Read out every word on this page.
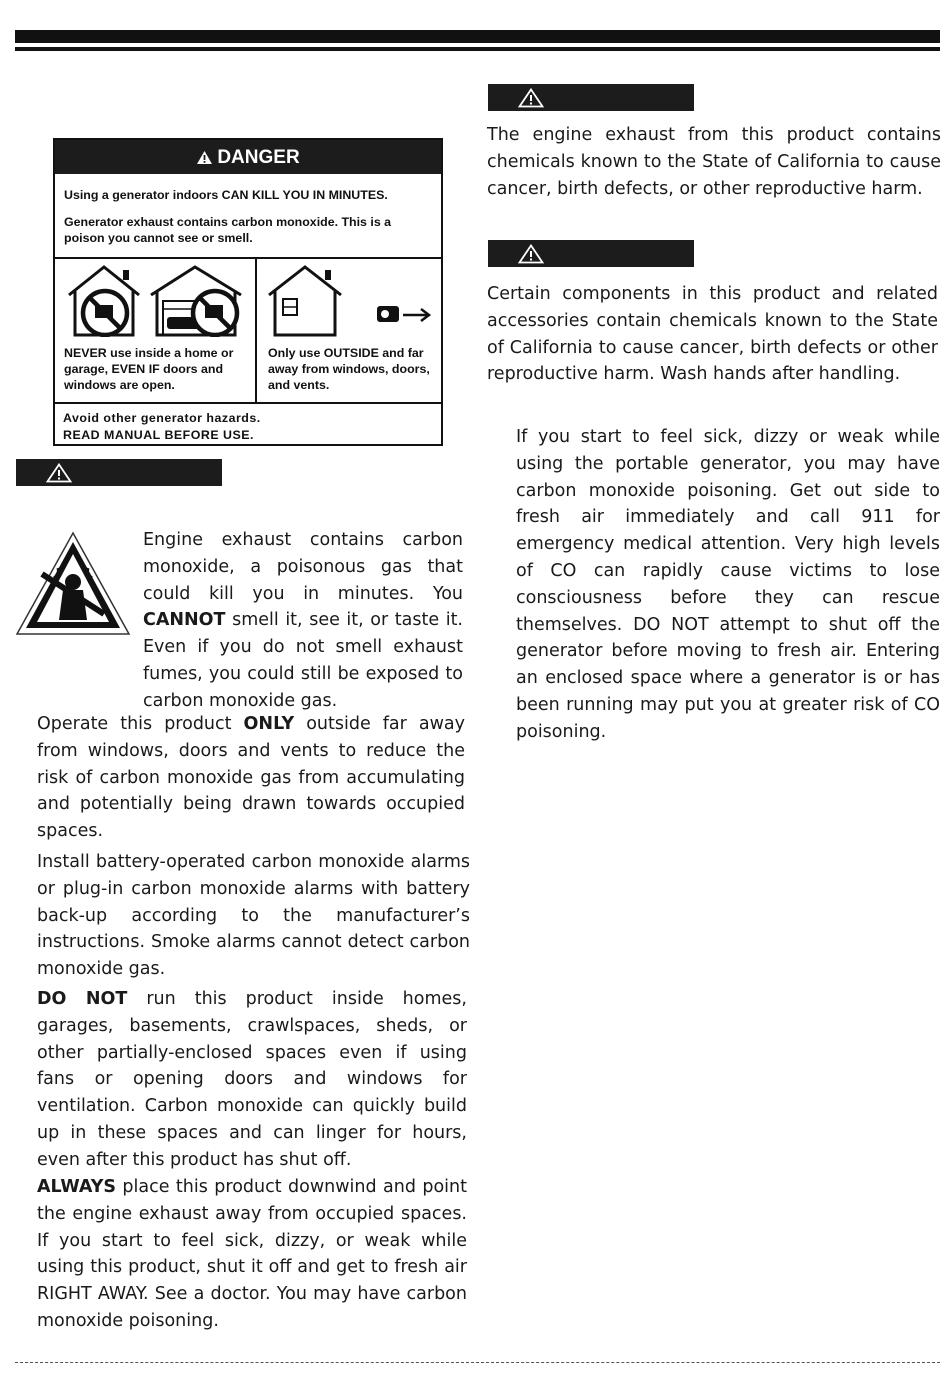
DANGER
Using a generator indoors CAN KILL YOU IN MINUTES.
Generator exhaust contains carbon monoxide. This is a poison you cannot see or smell.
NEVER use inside a home or garage, EVEN IF doors and windows are open.
Only use OUTSIDE and far away from windows, doors, and vents.
Avoid other generator hazards.
READ MANUAL BEFORE USE.

Engine exhaust contains carbon monoxide, a poisonous gas that could kill you in minutes. You CANNOT smell it, see it, or taste it. Even if you do not smell exhaust fumes, you could still be exposed to carbon monoxide gas.

Operate this product ONLY outside far away from windows, doors and vents to reduce the risk of carbon monoxide gas from accumulating and potentially being drawn towards occupied spaces.

Install battery-operated carbon monoxide alarms or plug-in carbon monoxide alarms with battery back-up according to the manufacturer’s instructions. Smoke alarms cannot detect carbon monoxide gas.

DO NOT run this product inside homes, garages, basements, crawlspaces, sheds, or other partially-enclosed spaces even if using fans or opening doors and windows for ventilation. Carbon monoxide can quickly build up in these spaces and can linger for hours, even after this product has shut off.

ALWAYS place this product downwind and point the engine exhaust away from occupied spaces. If you start to feel sick, dizzy, or weak while using this product, shut it off and get to fresh air RIGHT AWAY. See a doctor. You may have carbon monoxide poisoning.

The engine exhaust from this product contains chemicals known to the State of California to cause cancer, birth defects, or other reproductive harm.

Certain components in this product and related accessories contain chemicals known to the State of California to cause cancer, birth defects or other reproductive harm. Wash hands after handling.

If you start to feel sick, dizzy or weak while using the portable generator, you may have carbon monoxide poisoning. Get out side to fresh air immediately and call 911 for emergency medical attention. Very high levels of CO can rapidly cause victims to lose consciousness before they can rescue themselves. DO NOT attempt to shut off the generator before moving to fresh air. Entering an enclosed space where a generator is or has been running may put you at greater risk of CO poisoning.
